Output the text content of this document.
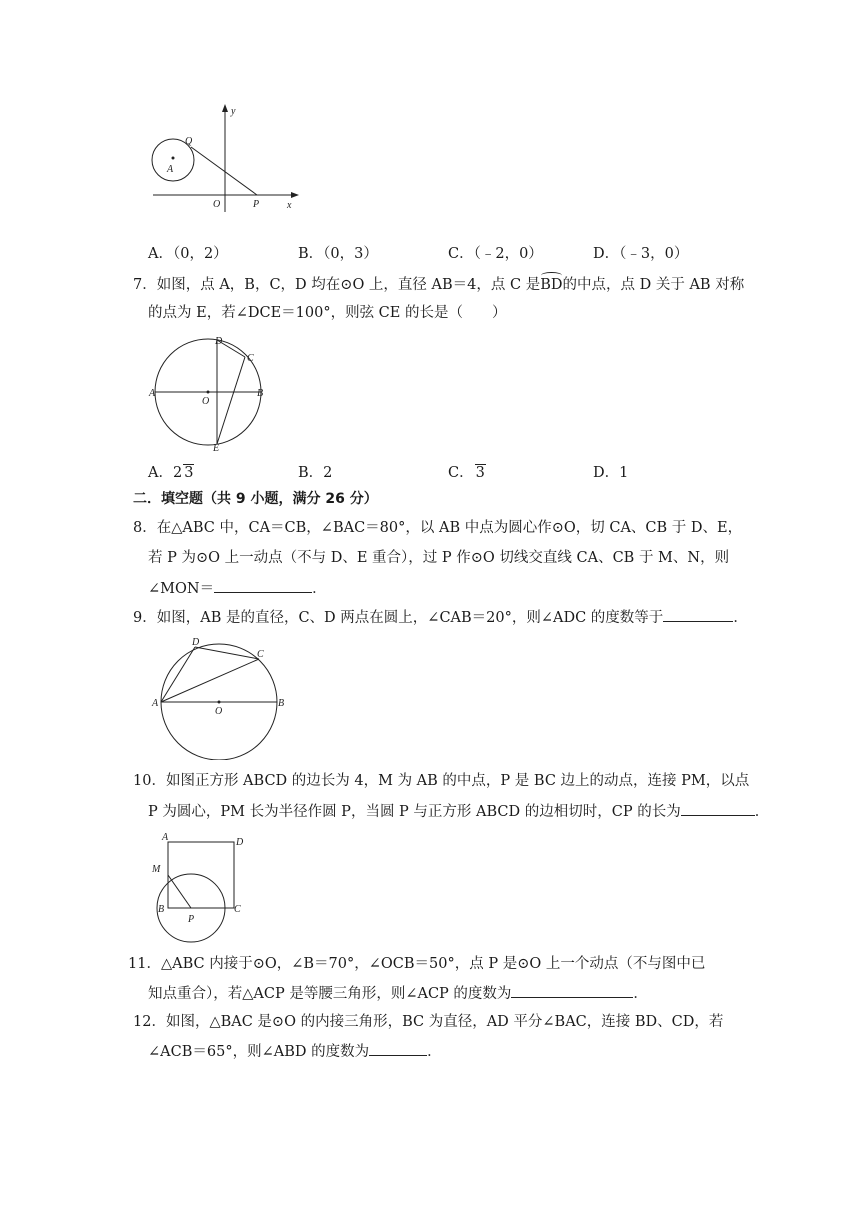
y
Q
A
O	P	x
A．（0，2）	B．（0，3）	C．（﹣2，0）	D．（﹣3，0）
7．如图，点 A，B，C，D 均在⊙O 上，直径 AB＝4，点 C 是BD的中点，点 D 关于 AB 对称
的点为 E，若∠DCE＝100°，则弦 CE 的长是（　　）
A	B
C
D
E
O
A．2 3	B．2	C． 3	D．1
二．填空题（共 9 小题，满分 26 分）
8．在△ABC 中，CA＝CB，∠BAC＝80°，以 AB 中点为圆心作⊙O，切 CA、CB 于 D、E，
若 P 为⊙O 上一动点（不与 D、E 重合），过 P 作⊙O 切线交直线 CA、CB 于 M、N，则
∠MON＝	．
9．如图，AB 是的直径，C、D 两点在圆上，∠CAB＝20°，则∠ADC 的度数等于	．
A	B
C
D
O
10．如图正方形 ABCD 的边长为 4，M 为 AB 的中点，P 是 BC 边上的动点，连接 PM，以点
P 为圆心，PM 长为半径作圆 P，当圆 P 与正方形 ABCD 的边相切时，CP 的长为	．
A	D
M
B
P
C
11．△ABC 内接于⊙O，∠B＝70°，∠OCB＝50°，点 P 是⊙O 上一个动点（不与图中已
知点重合），若△ACP 是等腰三角形，则∠ACP 的度数为	．
12．如图，△BAC 是⊙O 的内接三角形，BC 为直径，AD 平分∠BAC，连接 BD、CD，若
∠ACB＝65°，则∠ABD 的度数为	．
